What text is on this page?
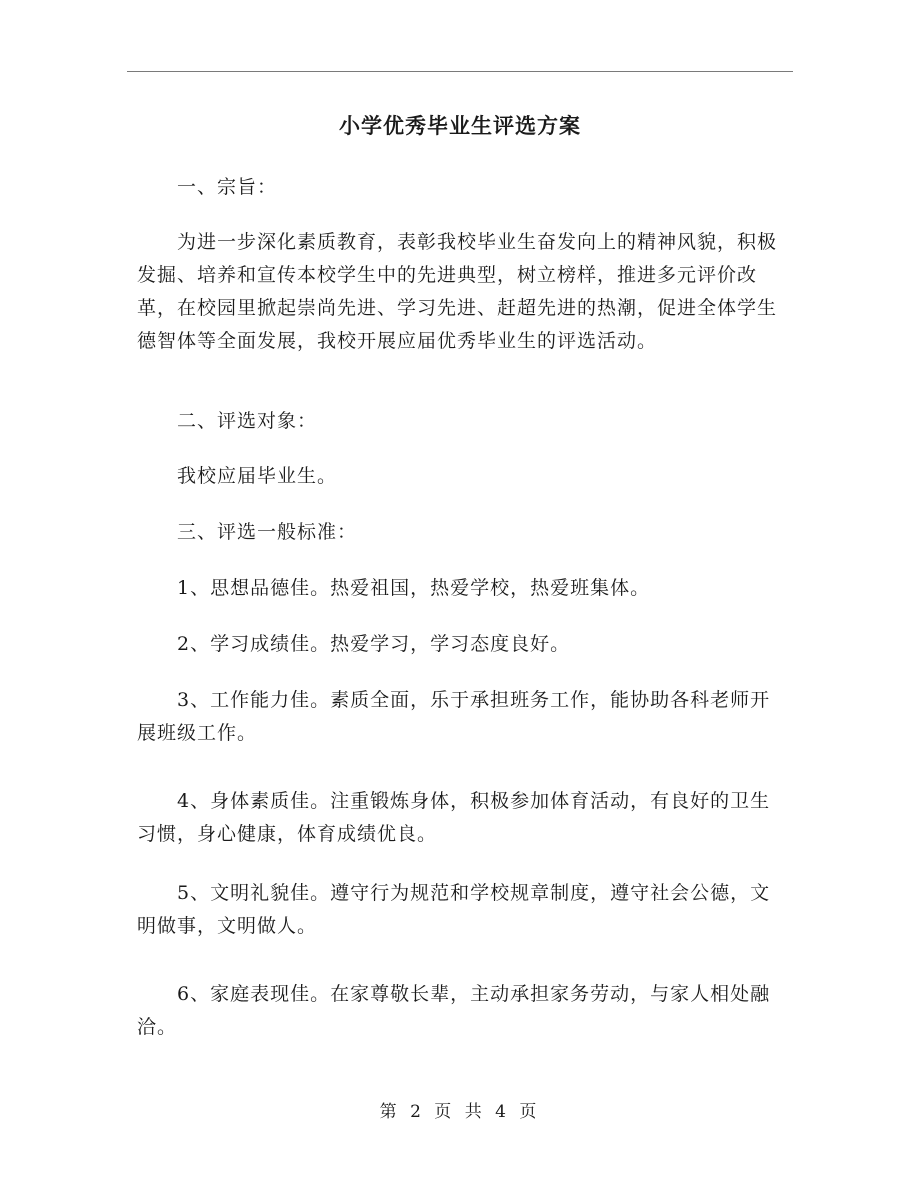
小学优秀毕业生评选方案

一、宗旨：

为进一步深化素质教育，表彰我校毕业生奋发向上的精神风貌，积极发掘、培养和宣传本校学生中的先进典型，树立榜样，推进多元评价改革，在校园里掀起崇尚先进、学习先进、赶超先进的热潮，促进全体学生德智体等全面发展，我校开展应届优秀毕业生的评选活动。

二、评选对象：

我校应届毕业生。

三、评选一般标准：

1、思想品德佳。热爱祖国，热爱学校，热爱班集体。

2、学习成绩佳。热爱学习，学习态度良好。

3、工作能力佳。素质全面，乐于承担班务工作，能协助各科老师开展班级工作。

4、身体素质佳。注重锻炼身体，积极参加体育活动，有良好的卫生习惯，身心健康，体育成绩优良。

5、文明礼貌佳。遵守行为规范和学校规章制度，遵守社会公德，文明做事，文明做人。

6、家庭表现佳。在家尊敬长辈，主动承担家务劳动，与家人相处融洽。

第 2 页 共 4 页
